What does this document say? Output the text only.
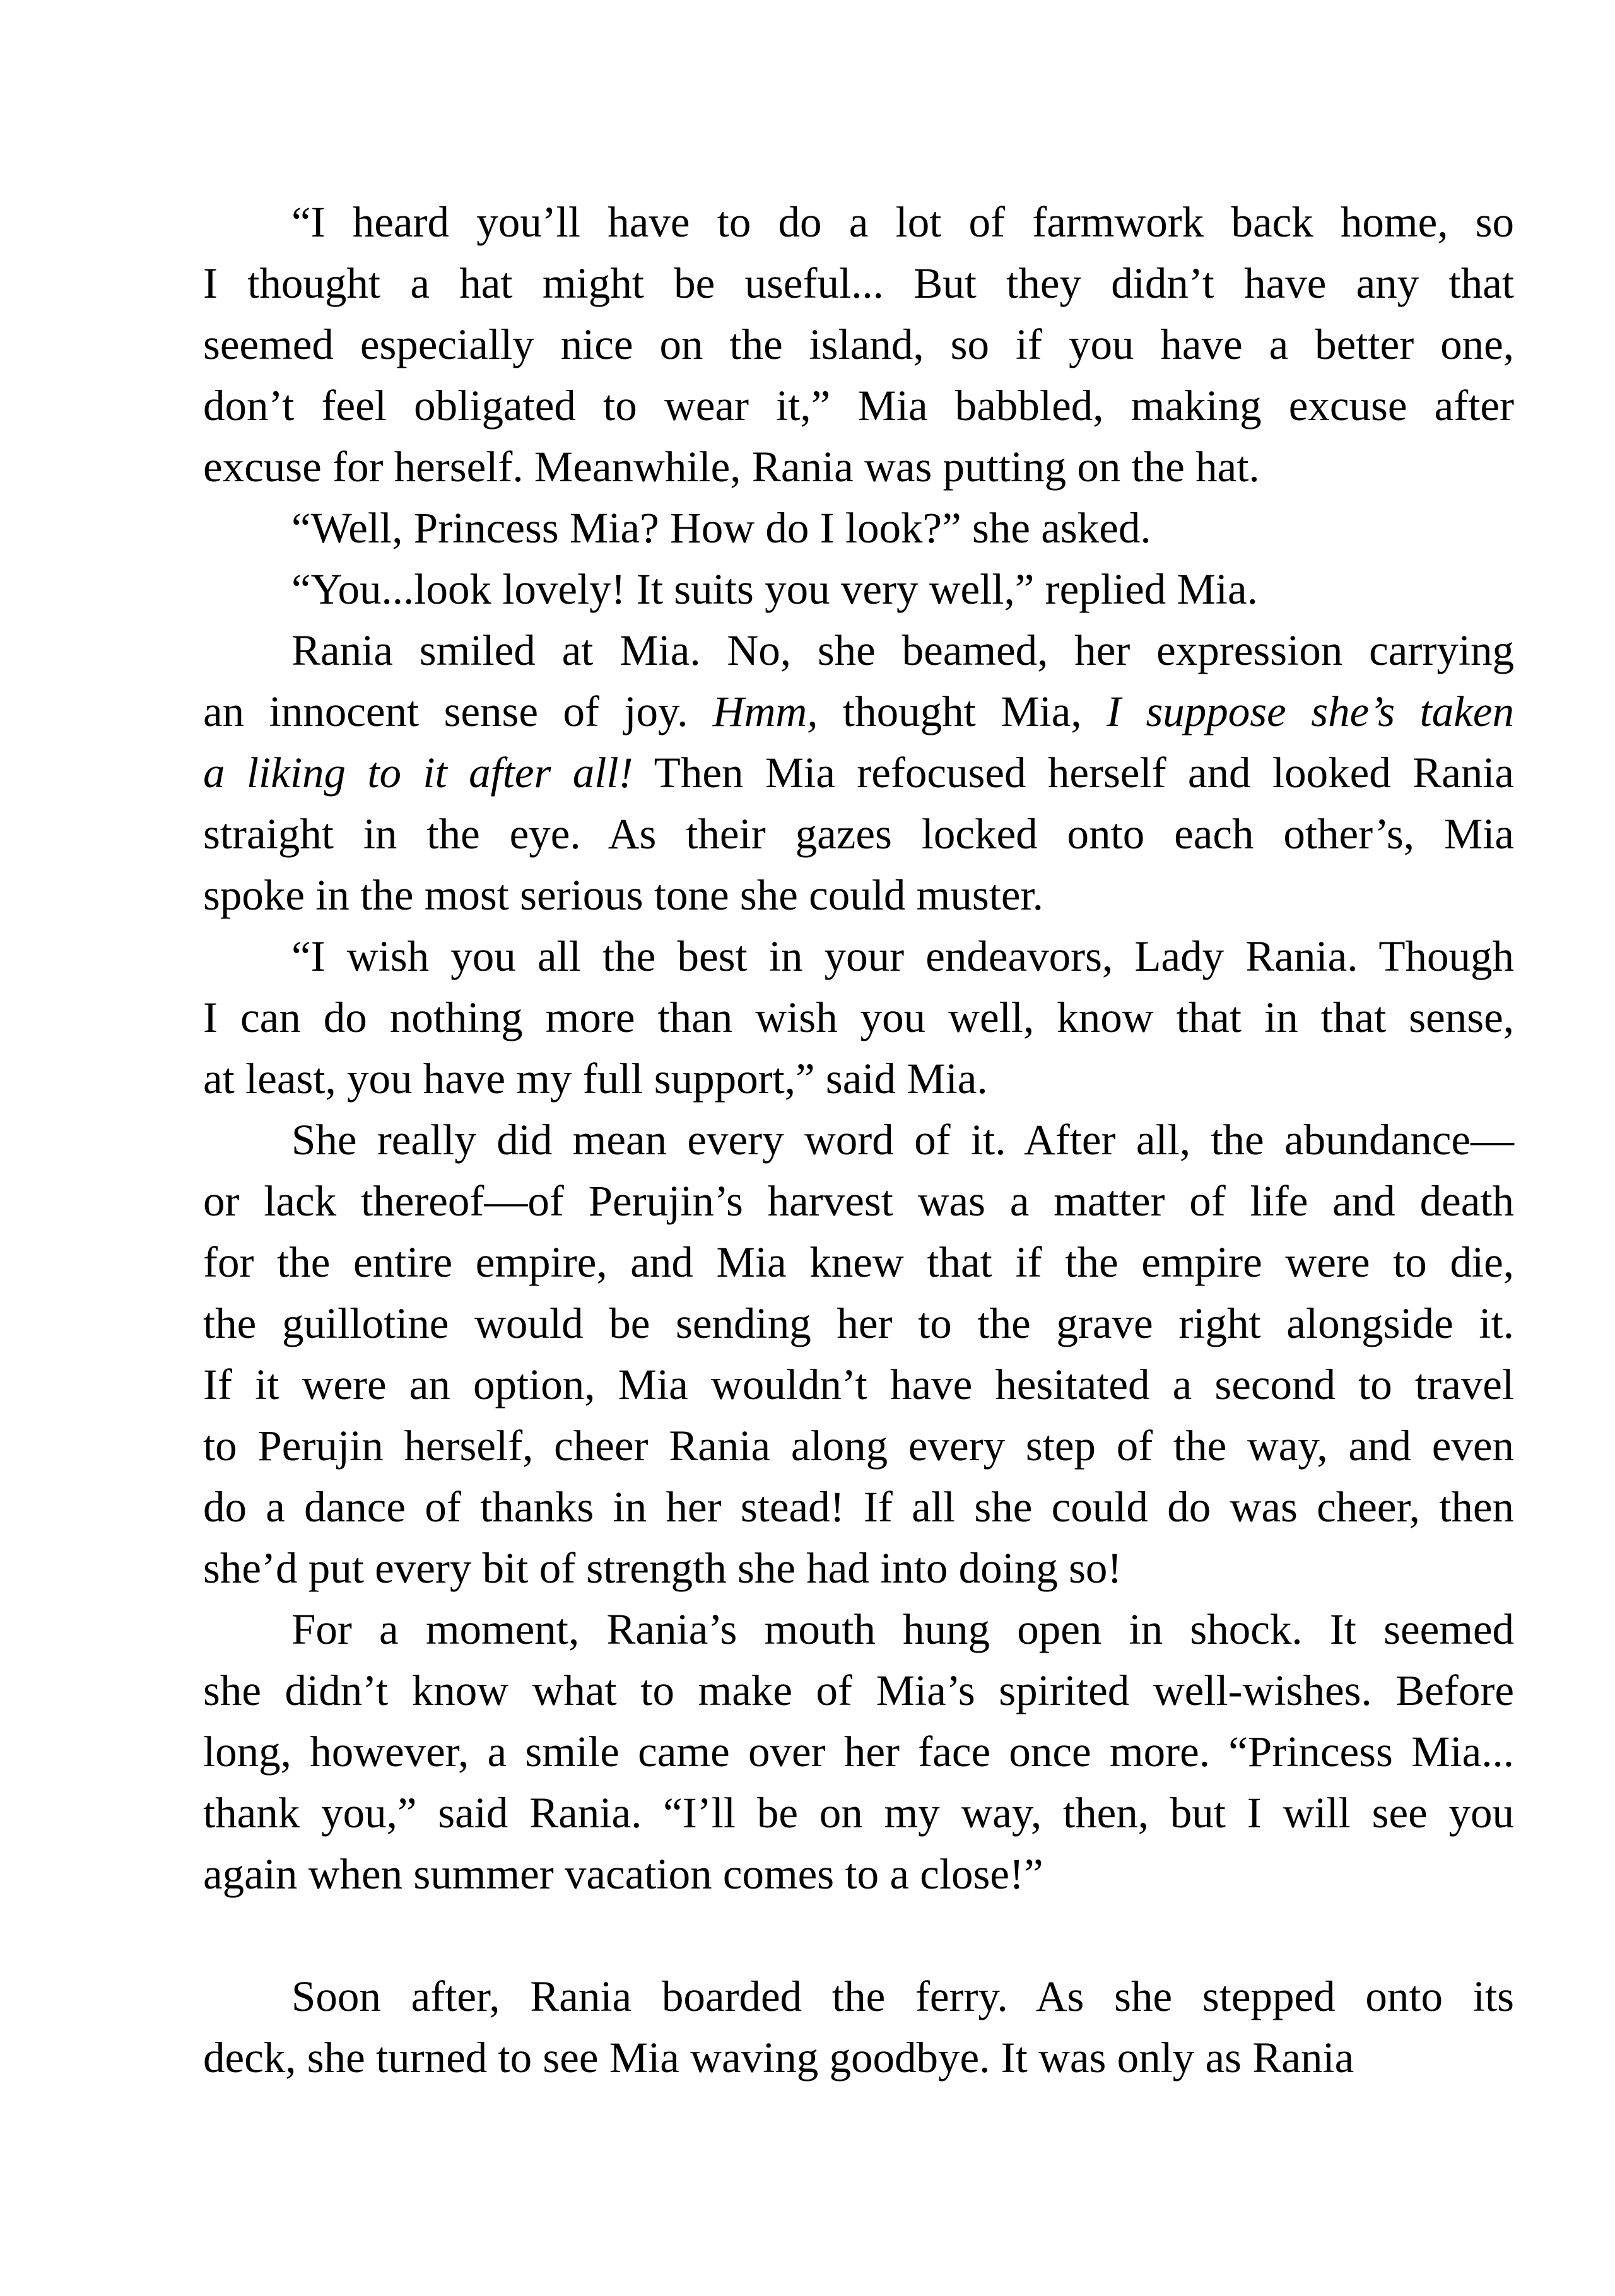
“I heard you’ll have to do a lot of farmwork back home, so
I thought a hat might be useful... But they didn’t have any that
seemed especially nice on the island, so if you have a better one,
don’t feel obligated to wear it,” Mia babbled, making excuse after
excuse for herself. Meanwhile, Rania was putting on the hat.
“Well, Princess Mia? How do I look?” she asked.
“You...look lovely! It suits you very well,” replied Mia.
Rania smiled at Mia. No, she beamed, her expression carrying
an innocent sense of joy. Hmm, thought Mia, I suppose she’s taken
a liking to it after all! Then Mia refocused herself and looked Rania
straight in the eye. As their gazes locked onto each other’s, Mia
spoke in the most serious tone she could muster.
“I wish you all the best in your endeavors, Lady Rania. Though
I can do nothing more than wish you well, know that in that sense,
at least, you have my full support,” said Mia.
She really did mean every word of it. After all, the abundance—
or lack thereof—of Perujin’s harvest was a matter of life and death
for the entire empire, and Mia knew that if the empire were to die,
the guillotine would be sending her to the grave right alongside it.
If it were an option, Mia wouldn’t have hesitated a second to travel
to Perujin herself, cheer Rania along every step of the way, and even
do a dance of thanks in her stead! If all she could do was cheer, then
she’d put every bit of strength she had into doing so!
For a moment, Rania’s mouth hung open in shock. It seemed
she didn’t know what to make of Mia’s spirited well-wishes. Before
long, however, a smile came over her face once more. “Princess Mia...
thank you,” said Rania. “I’ll be on my way, then, but I will see you
again when summer vacation comes to a close!”
Soon after, Rania boarded the ferry. As she stepped onto its
deck, she turned to see Mia waving goodbye. It was only as Rania
